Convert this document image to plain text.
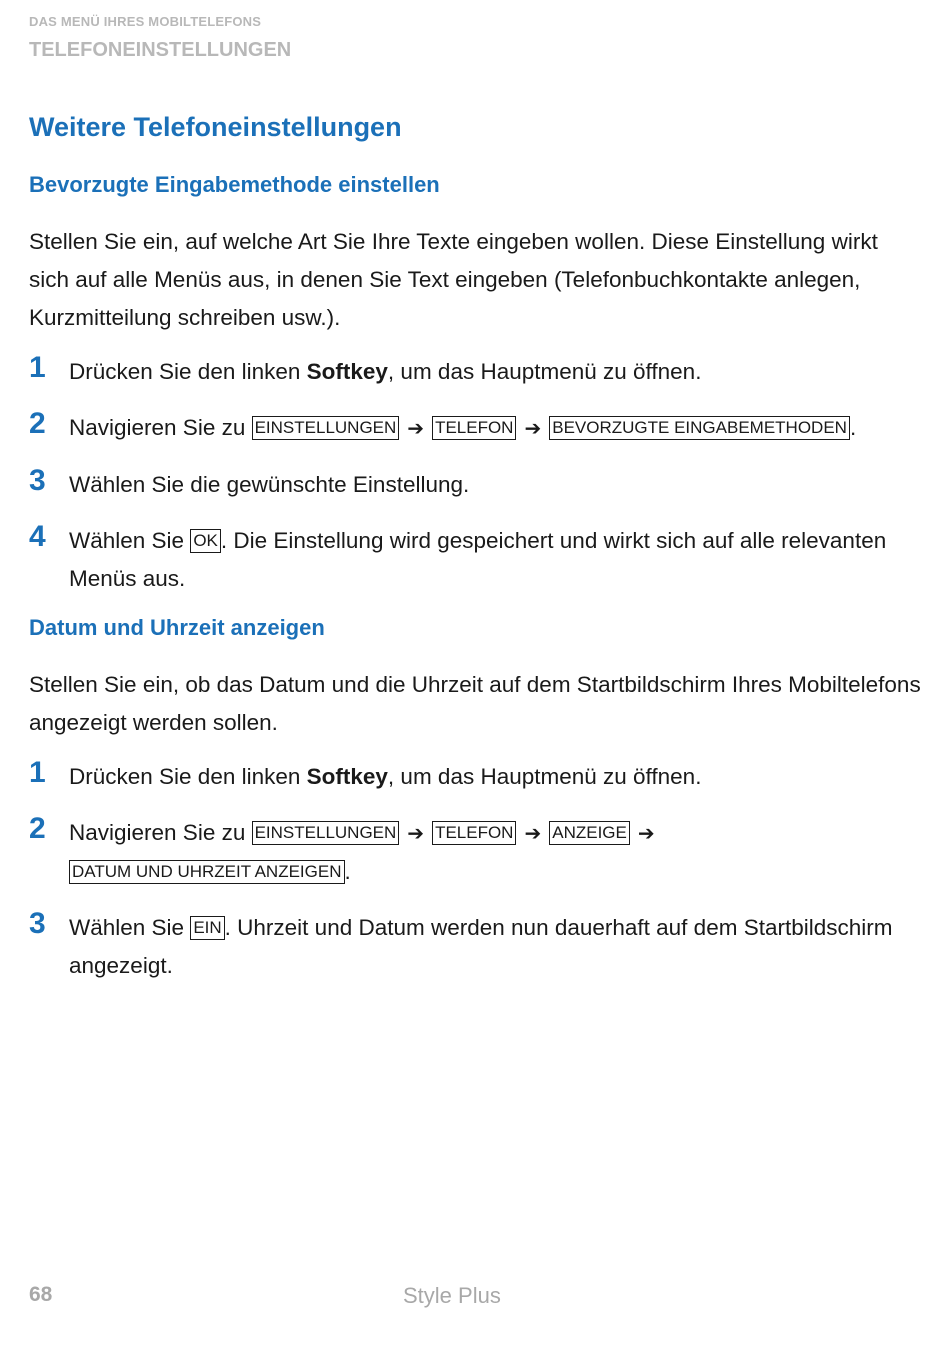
DAS MENÜ IHRES MOBILTELEFONS
TELEFONEINSTELLUNGEN
Weitere Telefoneinstellungen
Bevorzugte Eingabemethode einstellen

Stellen Sie ein, auf welche Art Sie Ihre Texte eingeben wollen. Diese Einstellung wirkt sich auf alle Menüs aus, in denen Sie Text eingeben (Telefonbuchkontakte anlegen, Kurzmitteilung schreiben usw.).

1 Drücken Sie den linken Softkey, um das Hauptmenü zu öffnen.
2 Navigieren Sie zu EINSTELLUNGEN ➔ TELEFON ➔ BEVORZUGTE EINGABEMETHODEN .
3 Wählen Sie die gewünschte Einstellung.
4 Wählen Sie OK . Die Einstellung wird gespeichert und wirkt sich auf alle relevanten Menüs aus.
Datum und Uhrzeit anzeigen

Stellen Sie ein, ob das Datum und die Uhrzeit auf dem Startbildschirm Ihres Mobiltelefons angezeigt werden sollen.

1 Drücken Sie den linken Softkey, um das Hauptmenü zu öffnen.
2 Navigieren Sie zu EINSTELLUNGEN ➔ TELEFON ➔ ANZEIGE ➔
DATUM UND UHRZEIT ANZEIGEN .
3 Wählen Sie EIN . Uhrzeit und Datum werden nun dauerhaft auf dem Startbildschirm angezeigt.
68	Style Plus
